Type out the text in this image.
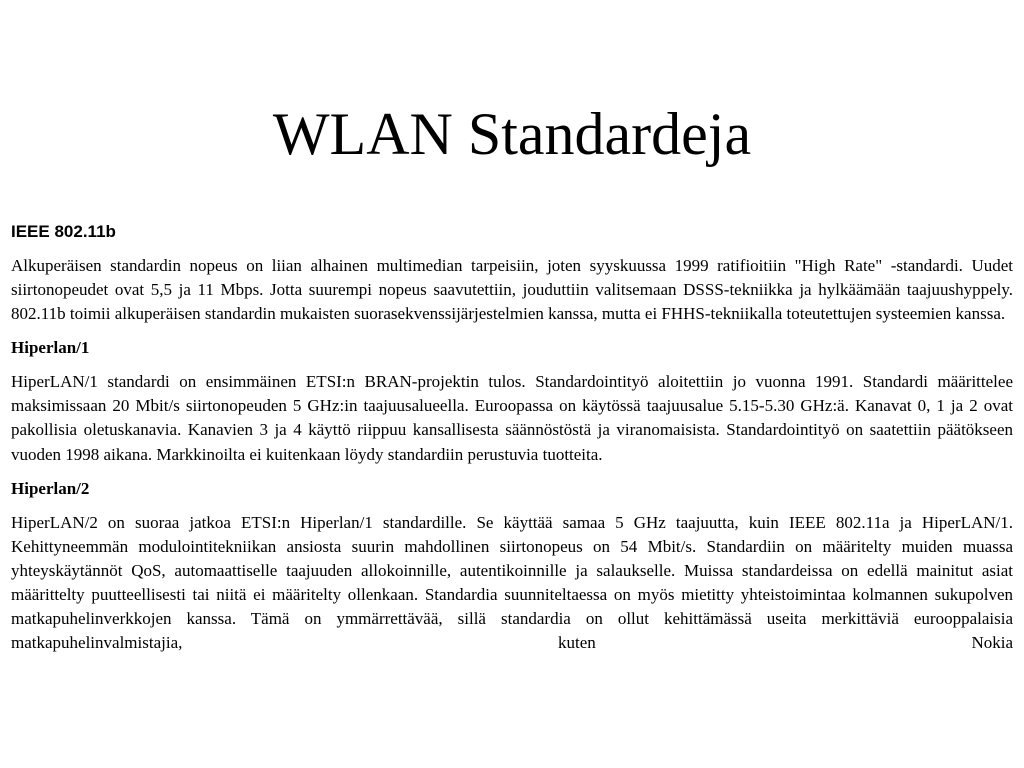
WLAN Standardeja

IEEE 802.11b

Alkuperäisen standardin nopeus on liian alhainen multimedian tarpeisiin, joten syyskuussa 1999 ratifioitiin "High Rate" -standardi. Uudet siirtonopeudet ovat 5,5 ja 11 Mbps. Jotta suurempi nopeus saavutettiin, jouduttiin valitsemaan DSSS-tekniikka ja hylkäämään taajuushyppely. 802.11b toimii alkuperäisen standardin mukaisten suorasekvenssijärjestelmien kanssa, mutta ei FHHS-tekniikalla toteutettujen systeemien kanssa.

Hiperlan/1

HiperLAN/1 standardi on ensimmäinen ETSI:n BRAN-projektin tulos. Standardointityö aloitettiin jo vuonna 1991. Standardi määrittelee maksimissaan 20 Mbit/s siirtonopeuden 5 GHz:in taajuusalueella. Euroopassa on käytössä taajuusalue 5.15-5.30 GHz:ä. Kanavat 0, 1 ja 2 ovat pakollisia oletuskanavia. Kanavien 3 ja 4 käyttö riippuu kansallisesta säännöstöstä ja viranomaisista. Standardointityö on saatettiin päätökseen vuoden 1998 aikana. Markkinoilta ei kuitenkaan löydy standardiin perustuvia tuotteita.

Hiperlan/2

HiperLAN/2 on suoraa jatkoa ETSI:n Hiperlan/1 standardille. Se käyttää samaa 5 GHz taajuutta, kuin IEEE 802.11a ja HiperLAN/1. Kehittyneemmän modulointitekniikan ansiosta suurin mahdollinen siirtonopeus on 54 Mbit/s. Standardiin on määritelty muiden muassa yhteyskäytännöt QoS, automaattiselle taajuuden allokoinnille, autentikoinnille ja salaukselle. Muissa standardeissa on edellä mainitut asiat määrittelty puutteellisesti tai niitä ei määritelty ollenkaan. Standardia suunniteltaessa on myös mietitty yhteistoimintaa kolmannen sukupolven matkapuhelinverkkojen kanssa. Tämä on ymmärrettävää, sillä standardia on ollut kehittämässä useita merkittäviä eurooppalaisia matkapuhelinvalmistajia, kuten Nokia
